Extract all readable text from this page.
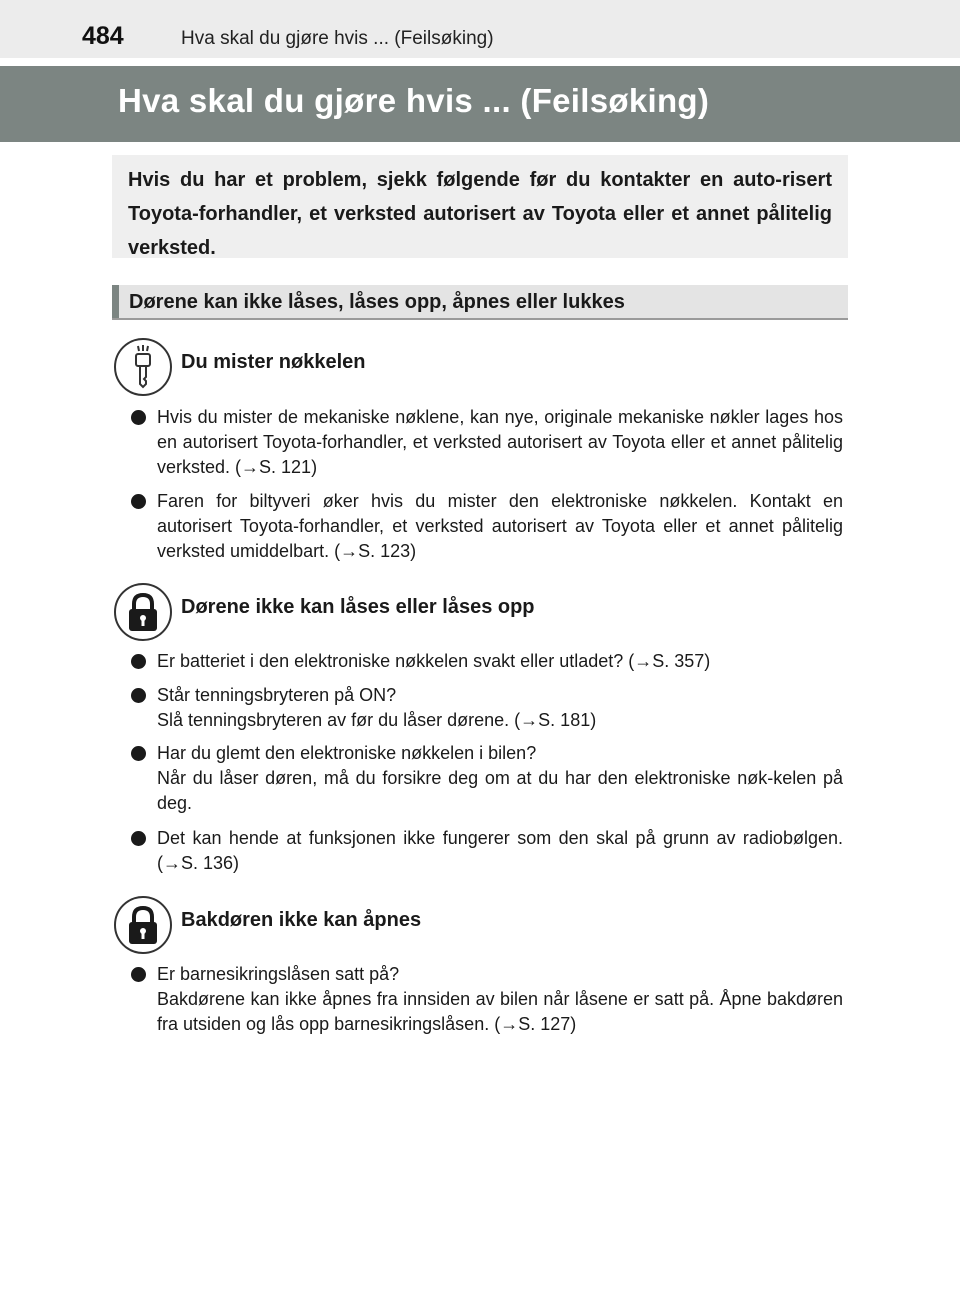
484	Hva skal du gjøre hvis ... (Feilsøking)
Hva skal du gjøre hvis ... (Feilsøking)
Hvis du har et problem, sjekk følgende før du kontakter en auto-risert Toyota-forhandler, et verksted autorisert av Toyota eller et annet pålitelig verksted.
Dørene kan ikke låses, låses opp, åpnes eller lukkes
Du mister nøkkelen
Hvis du mister de mekaniske nøklene, kan nye, originale mekaniske nøkler lages hos en autorisert Toyota-forhandler, et verksted autorisert av Toyota eller et annet pålitelig verksted. (→S. 121)
Faren for biltyveri øker hvis du mister den elektroniske nøkkelen. Kontakt en autorisert Toyota-forhandler, et verksted autorisert av Toyota eller et annet pålitelig verksted umiddelbart. (→S. 123)
Dørene ikke kan låses eller låses opp
Er batteriet i den elektroniske nøkkelen svakt eller utladet? (→S. 357)
Står tenningsbryteren på ON?
Slå tenningsbryteren av før du låser dørene. (→S. 181)
Har du glemt den elektroniske nøkkelen i bilen?
Når du låser døren, må du forsikre deg om at du har den elektroniske nøk-kelen på deg.
Det kan hende at funksjonen ikke fungerer som den skal på grunn av radiobølgen. (→S. 136)
Bakdøren ikke kan åpnes
Er barnesikringslåsen satt på?
Bakdørene kan ikke åpnes fra innsiden av bilen når låsene er satt på. Åpne bakdøren fra utsiden og lås opp barnesikringslåsen. (→S. 127)
